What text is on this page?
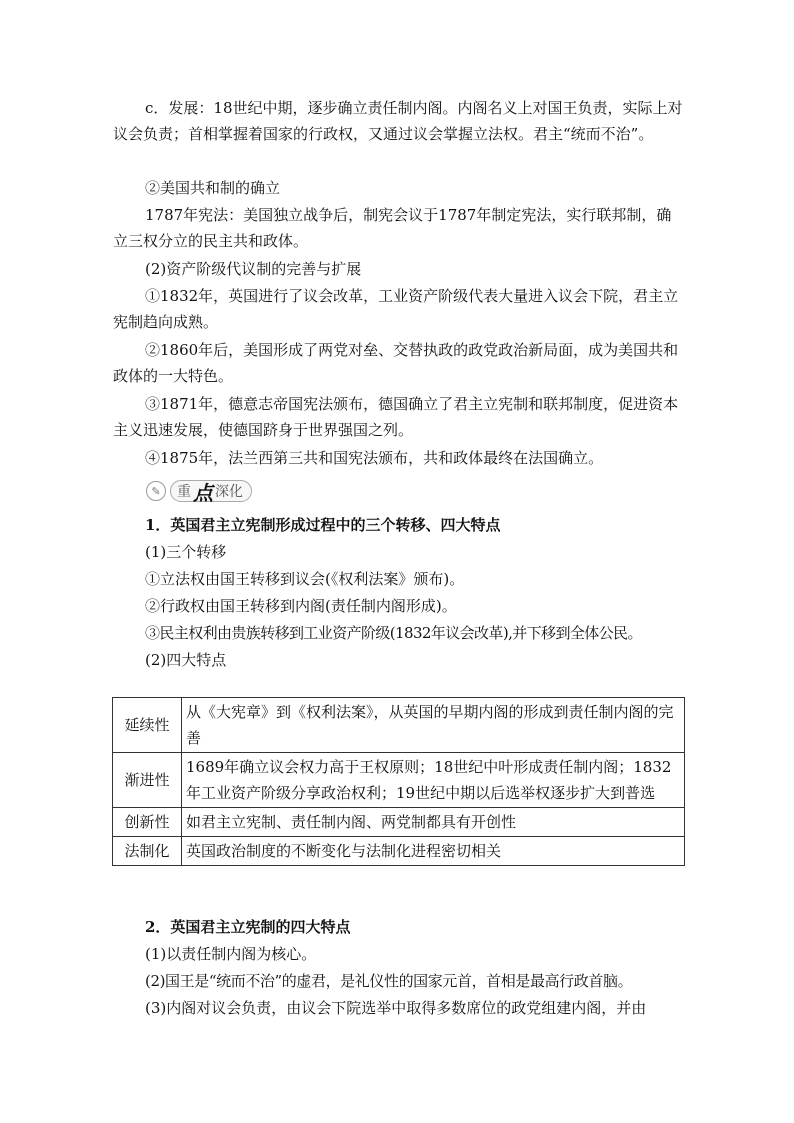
c．发展：18世纪中期，逐步确立责任制内阁。内阁名义上对国王负责，实际上对议会负责；首相掌握着国家的行政权，又通过议会掌握立法权。君主“统而不治”。

②美国共和制的确立

1787年宪法：美国独立战争后，制宪会议于1787年制定宪法，实行联邦制，确立三权分立的民主共和政体。

(2)资产阶级代议制的完善与扩展

①1832年，英国进行了议会改革，工业资产阶级代表大量进入议会下院，君主立宪制趋向成熟。

②1860年后，美国形成了两党对垒、交替执政的政党政治新局面，成为美国共和政体的一大特色。

③1871年，德意志帝国宪法颁布，德国确立了君主立宪制和联邦制度，促进资本主义迅速发展，使德国跻身于世界强国之列。

④1875年，法兰西第三共和国宪法颁布，共和政体最终在法国确立。

✎	重 点 深化

1．英国君主立宪制形成过程中的三个转移、四大特点

(1)三个转移

①立法权由国王转移到议会(《权利法案》颁布)。

②行政权由国王转移到内阁(责任制内阁形成)。

③民主权利由贵族转移到工业资产阶级(1832年议会改革),并下移到全体公民。

(2)四大特点

延续性	从《大宪章》到《权利法案》，从英国的早期内阁的形成到责任制内阁的完善
渐进性	1689年确立议会权力高于王权原则；18世纪中叶形成责任制内阁；1832年工业资产阶级分享政治权利；19世纪中期以后选举权逐步扩大到普选
创新性	如君主立宪制、责任制内阁、两党制都具有开创性
法制化	英国政治制度的不断变化与法制化进程密切相关

2．英国君主立宪制的四大特点

(1)以责任制内阁为核心。

(2)国王是“统而不治”的虚君，是礼仪性的国家元首，首相是最高行政首脑。

(3)内阁对议会负责，由议会下院选举中取得多数席位的政党组建内阁，并由
